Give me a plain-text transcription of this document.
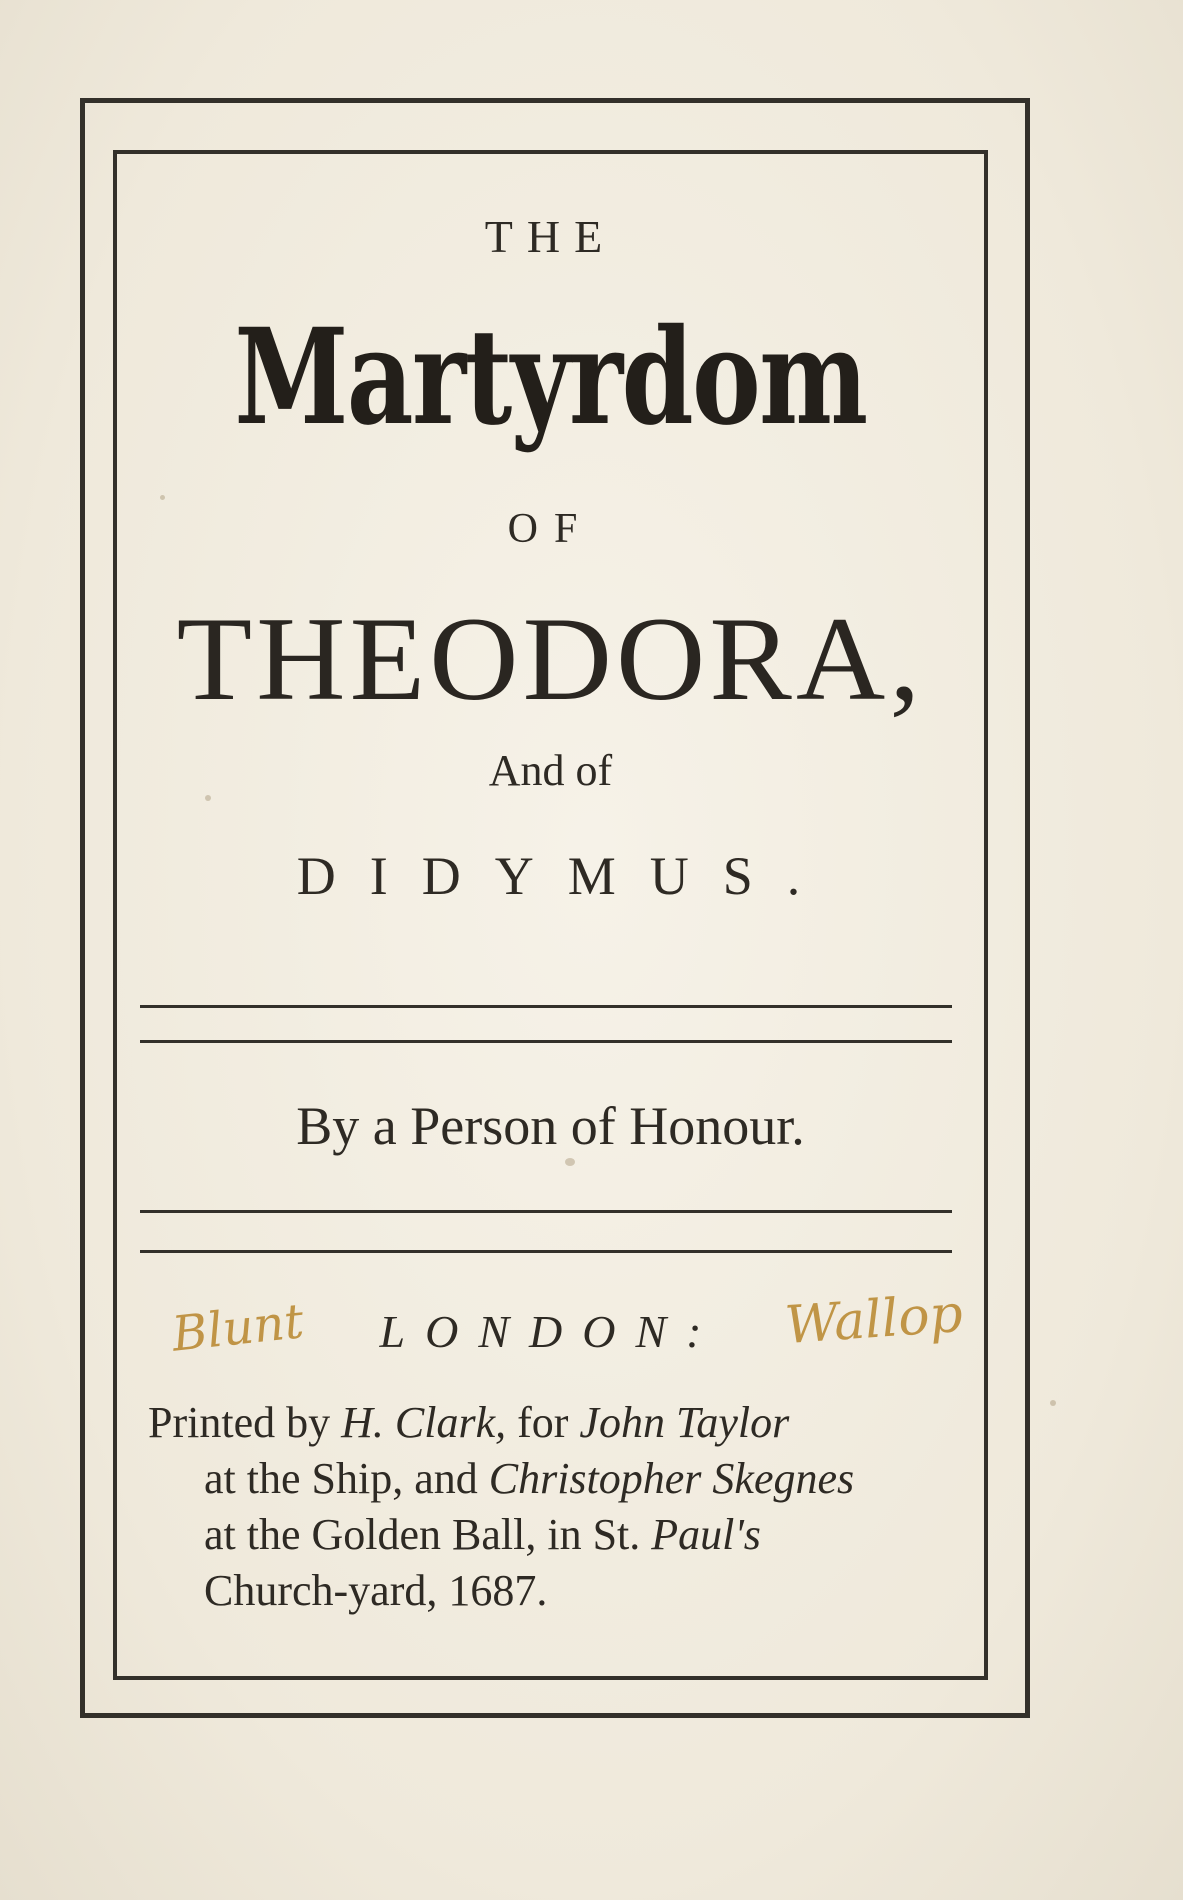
THE
Martyrdom
OF
THEODORA,
And of
DIDYMUS.
By a Person of Honour.
Blunt	LONDON:	Wallop
Printed by H. Clark, for John Taylor
at the Ship, and Christopher Skegnes
at the Golden Ball, in St. Paul's
Church-yard, 1687.
